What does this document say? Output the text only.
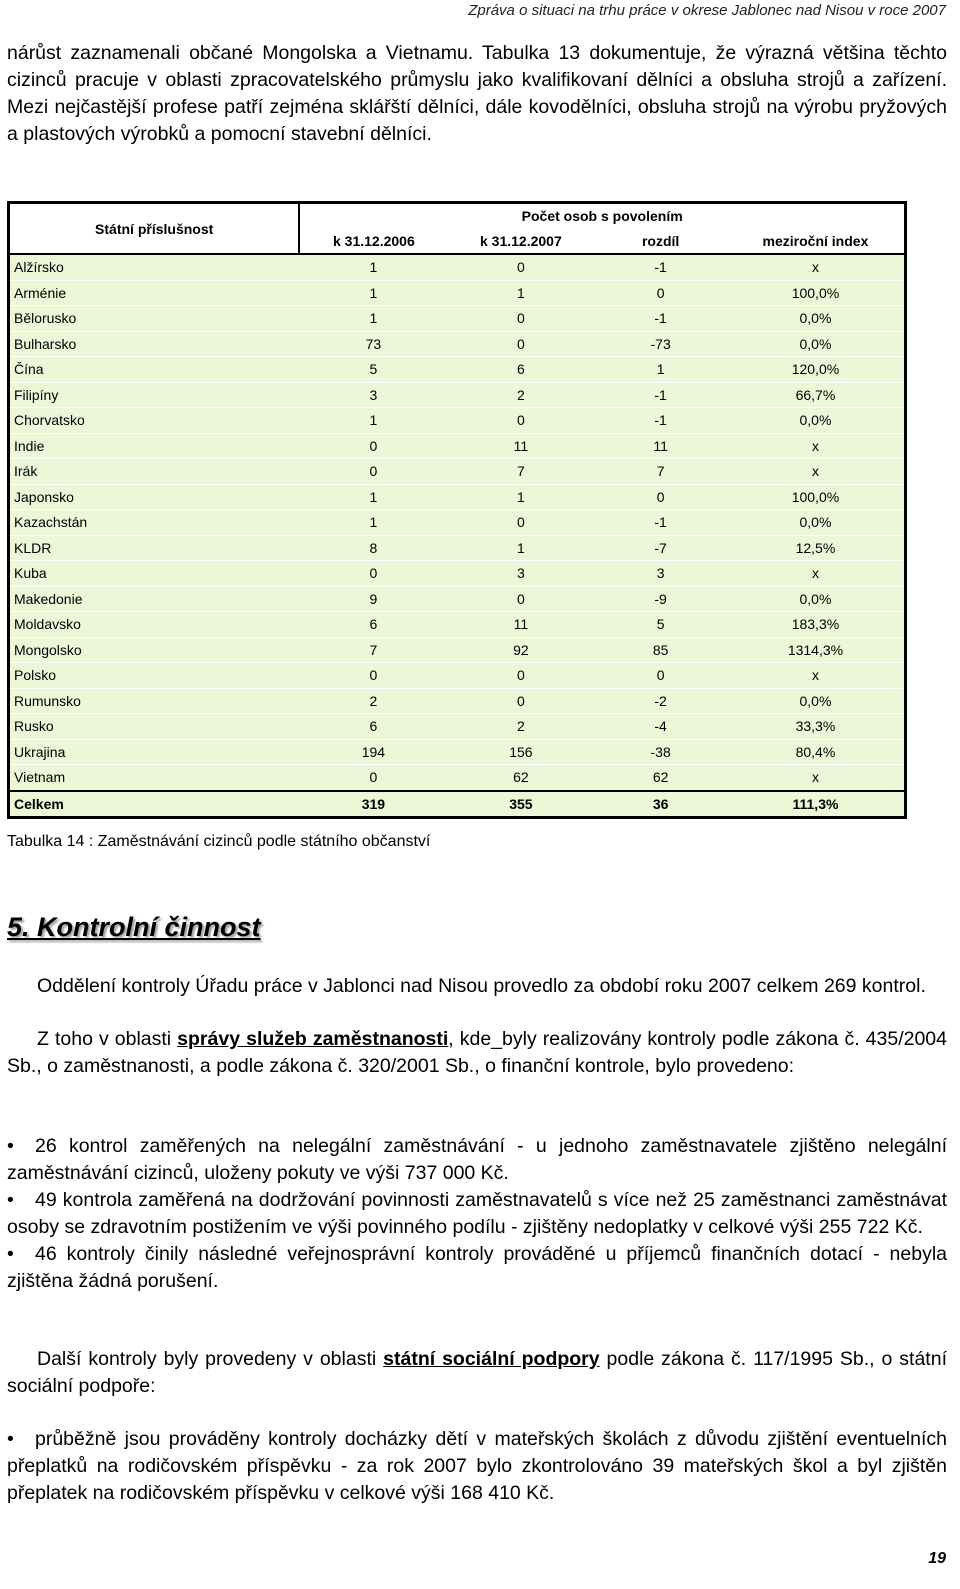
Zpráva o situaci na trhu práce v okrese Jablonec nad Nisou v roce 2007

nárůst zaznamenali občané Mongolska a Vietnamu. Tabulka 13 dokumentuje, že výrazná většina těchto cizinců pracuje v oblasti zpracovatelského průmyslu jako kvalifikovaní dělníci a obsluha strojů a zařízení. Mezi nejčastější profese patří zejména sklářští dělníci, dále kovodělníci, obsluha strojů na výrobu pryžových a plastových výrobků a pomocní stavební dělníci.

Státní příslušnost	Počet osob s povolením			
	k 31.12.2006	k 31.12.2007	rozdíl	meziroční index
Alžírsko	1	0	-1	x
Arménie	1	1	0	100,0%
Bělorusko	1	0	-1	0,0%
Bulharsko	73	0	-73	0,0%
Čína	5	6	1	120,0%
Filipíny	3	2	-1	66,7%
Chorvatsko	1	0	-1	0,0%
Indie	0	11	11	x
Irák	0	7	7	x
Japonsko	1	1	0	100,0%
Kazachstán	1	0	-1	0,0%
KLDR	8	1	-7	12,5%
Kuba	0	3	3	x
Makedonie	9	0	-9	0,0%
Moldavsko	6	11	5	183,3%
Mongolsko	7	92	85	1314,3%
Polsko	0	0	0	x
Rumunsko	2	0	-2	0,0%
Rusko	6	2	-4	33,3%
Ukrajina	194	156	-38	80,4%
Vietnam	0	62	62	x
Celkem	319	355	36	111,3%
Tabulka 14 : Zaměstnávání cizinců podle státního občanství
5. Kontrolní činnost

Oddělení kontroly Úřadu práce v Jablonci nad Nisou provedlo za období roku 2007 celkem 269 kontrol.

Z toho v oblasti správy služeb zaměstnanosti, kde_byly realizovány kontroly podle zákona č. 435/2004 Sb., o zaměstnanosti, a podle zákona č. 320/2001 Sb., o finanční kontrole, bylo provedeno:

• 26 kontrol zaměřených na nelegální zaměstnávání - u jednoho zaměstnavatele zjištěno nelegální zaměstnávání cizinců, uloženy pokuty ve výši 737 000 Kč.
• 49 kontrola zaměřená na dodržování povinnosti zaměstnavatelů s více než 25 zaměstnanci zaměstnávat osoby se zdravotním postižením ve výši povinného podílu - zjištěny nedoplatky v celkové výši 255 722 Kč.
• 46 kontroly činily následné veřejnosprávní kontroly prováděné u příjemců finančních dotací - nebyla zjištěna žádná porušení.

Další kontroly byly provedeny v oblasti státní sociální podpory podle zákona č. 117/1995 Sb., o státní sociální podpoře:

• průběžně jsou prováděny kontroly docházky dětí v mateřských školách z důvodu zjištění eventuelních přeplatků na rodičovském příspěvku - za rok 2007 bylo zkontrolováno 39 mateřských škol a byl zjištěn přeplatek na rodičovském příspěvku v celkové výši 168 410 Kč.
19
